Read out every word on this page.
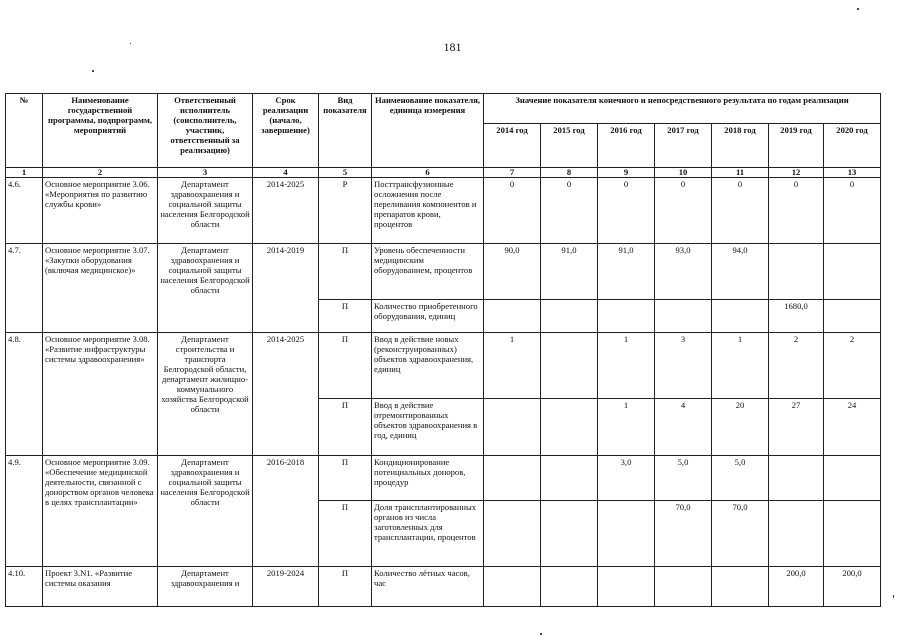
181
№	Наименование государственной программы, подпрограмм, мероприятий	Ответственный исполнитель (соисполнитель, участник, ответственный за реализацию)	Срок реализации (начало, завершение)	Вид показателя	Наименование показателя, единица измерения	Значение показателя конечного и непосредственного результата по годам реализации						
						2014 год	2015 год	2016 год	2017 год	2018 год	2019 год	2020 год
1	2	3	4	5	6	7	8	9	10	11	12	13
4.6.	Основное мероприятие 3.06. «Мероприятия по развитию службы крови»	Департамент здравоохранения и социальной защиты населения Белгородской области	2014-2025	Р	Посттрансфузионные осложнения после переливания компонентов и препаратов крови, процентов	0	0	0	0	0	0	0
4.7.	Основное мероприятие 3.07. «Закупки оборудования (включая медицинское)»	Департамент здравоохранения и социальной защиты населения Белгородской области	2014-2019	П	Уровень обеспеченности медицинским оборудованием, процентов	90,0	91,0	91,0	93,0	94,0		
				П	Количество приобретенного оборудования, единиц						1680,0	
4.8.	Основное мероприятие 3.08. «Развитие инфраструктуры системы здравоохранения»	Департамент строительства и транспорта Белгородской области, департамент жилищно-коммунального хозяйства Белгородской области	2014-2025	П	Ввод в действие новых (реконструированных) объектов здравоохранения, единиц	1		1	3	1	2	2
				П	Ввод в действие отремонтированных объектов здравоохранения в год, единиц			1	4	20	27	24
4.9.	Основное мероприятие 3.09. «Обеспечение медицинской деятельности, связанной с донорством органов человека в целях трансплантации»	Департамент здравоохранения и социальной защиты населения Белгородской области	2016-2018	П	Кондиционирование потенциальных доноров, процедур			3,0	5,0	5,0		
				П	Доля трансплантированных органов из числа заготовленных для трансплантации, процентов				70,0	70,0		
4.10.	Проект 3.N1. «Развитие системы оказания	Департамент здравоохранения и	2019-2024	П	Количество лётных часов, час						200,0	200,0
